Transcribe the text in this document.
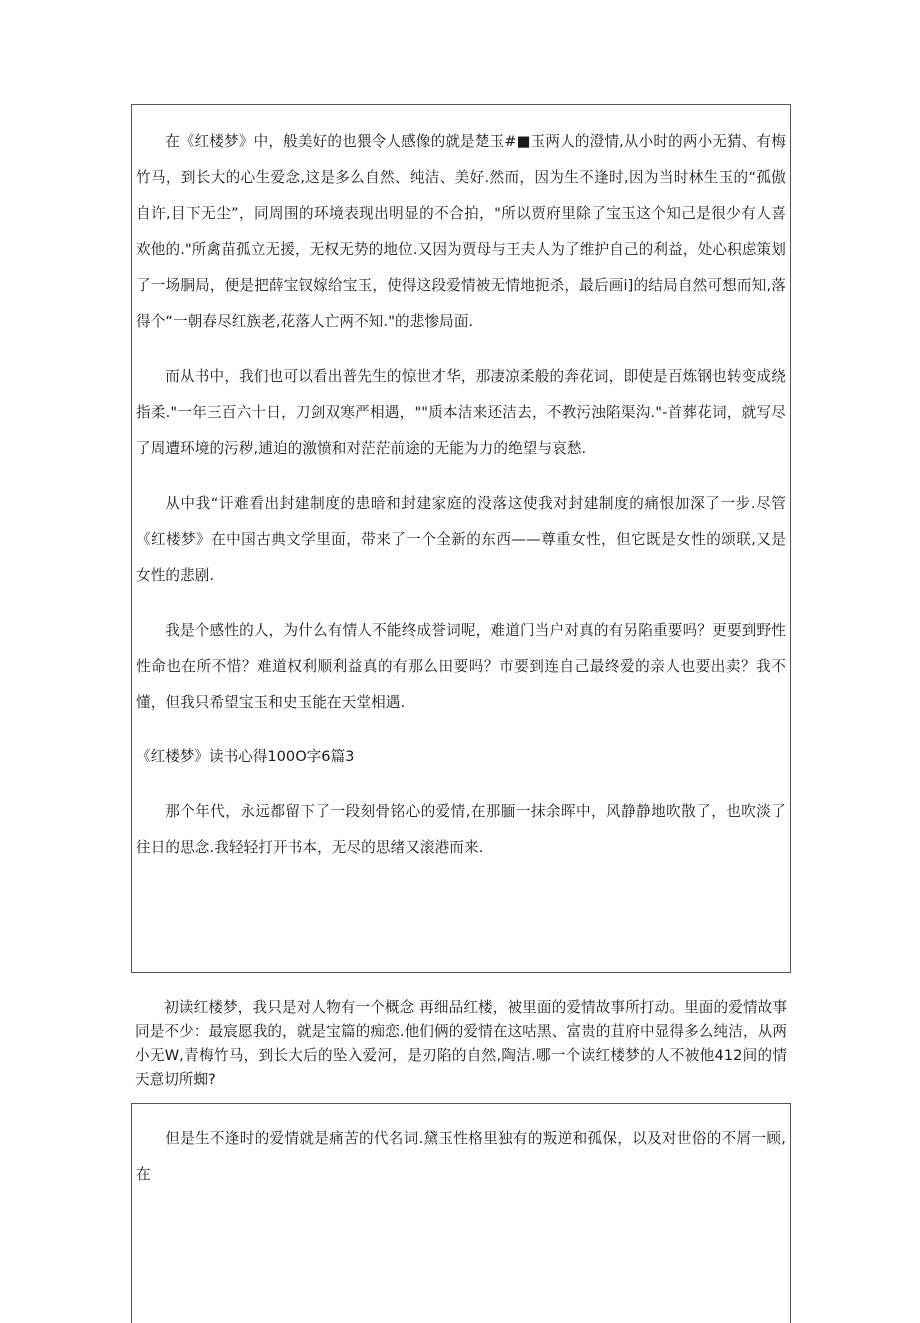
在《红楼梦》中，般美好的也猥令人感像的就是楚玉#■玉两人的澄情,从小时的两小无猜、有梅竹马，到长大的心生爱念,这是多么自然、纯洁、美好.然而，因为生不逢时,因为当时林生玉的“孤傲自许,目下无尘”，同周围的环境表现出明显的不合拍，"所以贾府里除了宝玉这个知己是很少有人喜欢他的."所禽苗孤立无援，无权无势的地位.又因为贾母与王夫人为了维护自己的利益，处心积虑策划了一场胴局，便是把薛宝钗嫁给宝玉，使得这段爱情被无情地扼杀，最后画i]的结局自然可想而知,落得个“一朝春尽红族老,花落人亡两不知."的悲惨局面.

而从书中，我们也可以看出普先生的惊世才华，那凄凉柔般的奔花词，即使是百炼钢也转变成绕指柔."一年三百六十日，刀剑双寒严相遇，""质本洁来还洁去，不教污浊陷渠沟."-首葬花词，就写尽了周遭环境的污秽,逋迫的激愤和对茫茫前途的无能为力的绝望与哀愁.

从中我“讦难看出封建制度的患暗和封建家庭的没落这使我对封建制度的痛恨加深了一步.尽管《红楼梦》在中国古典文学里面，带来了一个全新的东西——尊重女性，但它既是女性的颂联,又是女性的悲剧.

我是个感性的人，为什么有情人不能终成誉词呢，难道门当户对真的有另陷重要吗？更要到野性性命也在所不惜？难道权利顺利益真的有那么田要吗？市要到连自己最终爱的亲人也要出卖？我不懂，但我只希望宝玉和史玉能在天堂相遇.

《红楼梦》读书心得100O字6篇3

那个年代，永远都留下了一段刻骨铭心的爱情,在那腼一抹余晖中，风静静地吹散了，也吹淡了往日的思念.我轻轻打开书本，无尽的思绪又滚港而来.

初读红楼梦，我只是对人物有一个概念 再细品红楼，被里面的爱情故事所打动。里面的爱情故事同是不少：最宸愿我的，就是宝篇的痴恋.他们俩的爱情在这咕黑、富贵的苴府中显得多么纯洁，从两小无W,青梅竹马，到长大后的坠入爱河，是刃陷的自然,陶洁.哪一个读红楼梦的人不被他412间的情天意切所蜘?

但是生不逢时的爱情就是痛苦的代名词.黛玉性格里独有的叛逆和孤保，以及对世俗的不屑一顾,在
